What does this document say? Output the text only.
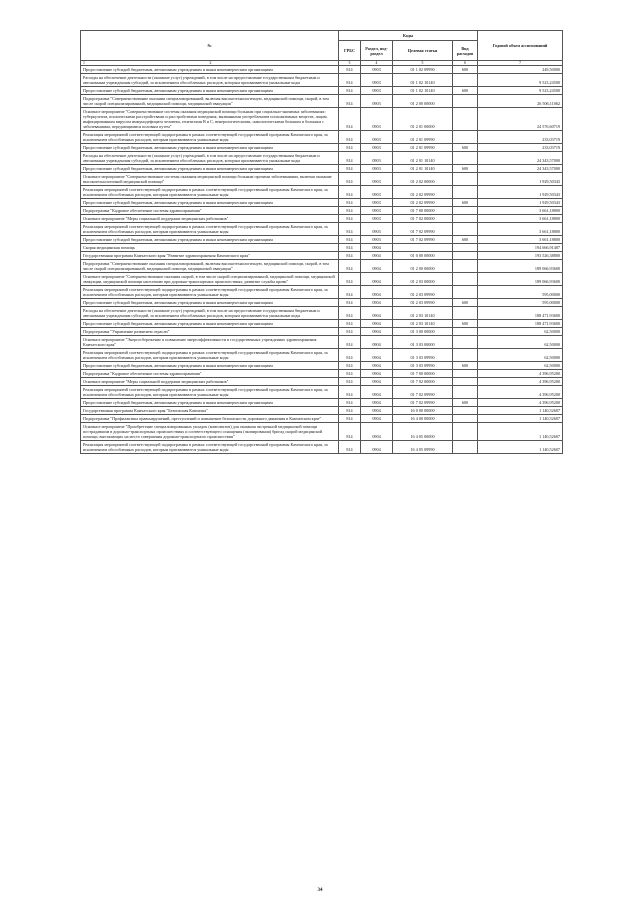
№	Коды				Годовой объем ассигнований
	ГРБС	Раздел, под-раздел	Целевая статья	Вид расходов	

1 2	3	4	5	6	7
Предоставление субсидий бюджетным, автономным учреждениям и иным некоммерческим организациям	814	0903	01 1 02 09990	600	249,50000
Расходы на обеспечение деятельности (оказание услуг) учреждений, в том числе на предоставление государственным бюджетным и автономным учреждениям субсидий, за исключением обособленных расходов, которым присваиваются уникальные коды	814	0903	01 1 02 10140		9 523,24500
Предоставление субсидий бюджетным, автономным учреждениям и иным некоммерческим организациям	814	0903	01 1 02 10140	600	9 523,24500
Подпрограмма "Совершенствование оказания специализированной, включая высокотехнологичную, медицинской помощи, скорой, в том числе скорой специализированной, медицинской помощи, медицинской эвакуации"	814	0903	01 2 00 00000		26 506,11062
Основное мероприятие "Совершенствование системы оказания медицинской помощи больным при социально-значимых заболеваниях: туберкулезом, психическими расстройствами и расстройствами поведения, вызванными употреблением психоактивных веществ, лицам, инфицированным вирусом иммунодефицита человека, гепатитами В и С, венерологическими, онкологическими больным и больным с заболеваниями, передающимися половым путем"	814	0903	01 2 01 00000		24 576,60719
Реализация мероприятий соответствующей подпрограммы в рамках соответствующей государственной программы Камчатского края, за исключением обособленных расходов, которым присваиваются уникальные коды	814	0903	01 2 01 09990		233,03719
Предоставление субсидий бюджетным, автономным учреждениям и иным некоммерческим организациям	814	0903	01 2 01 09990	600	233,03719
Расходы на обеспечение деятельности (оказание услуг) учреждений, в том числе на предоставление государственным бюджетным и автономным учреждениям субсидий, за исключением обособленных расходов, которым присваиваются уникальные коды	814	0903	01 2 01 10140		24 343,57000
Предоставление субсидий бюджетным, автономным учреждениям и иным некоммерческим организациям	814	0903	01 2 01 10140	600	24 343,57000
Основное мероприятие "Совершенствование системы оказания медицинской помощи больным прочими заболеваниями, включая оказание высокотехнологичной медицинской помощи"	814	0903	01 2 02 00000		1 929,50343
Реализация мероприятий соответствующей подпрограммы в рамках соответствующей государственной программы Камчатского края, за исключением обособленных расходов, которым присваиваются уникальные коды	814	0903	01 2 02 09990		1 929,50343
Предоставление субсидий бюджетным, автономным учреждениям и иным некоммерческим организациям	814	0903	01 2 02 09990	600	1 929,50343
Подпрограмма "Кадровое обеспечение системы здравоохранения"	814	0903	01 7 00 00000		3 661,18800
Основное мероприятие "Меры социальной поддержки медицинских работников"	814	0903	01 7 02 00000		3 661,18800
Реализация мероприятий соответствующей подпрограммы в рамках соответствующей государственной программы Камчатского края, за исключением обособленных расходов, которым присваиваются уникальные коды	814	0903	01 7 02 09990		3 661,18800
Предоставление субсидий бюджетным, автономным учреждениям и иным некоммерческим организациям	814	0903	01 7 02 09990	600	3 661,18800
Скорая медицинская помощь	814	0904			194 666,91407
Государственная программа Камчатского края "Развитие здравоохранения Камчатского края"	814	0904	01 0 00 00000		193 526,38800
Подпрограмма "Совершенствование оказания специализированной, включая высокотехнологичную, медицинской помощи, скорой, в том числе скорой специализированной, медицинской помощи, медицинской эвакуации"	814	0904	01 2 00 00000		189 066,93600
Основное мероприятие "Совершенствование оказания скорой, в том числе скорой специализированной, медицинской помощи, медицинской эвакуации, медицинской помощи населению при дорожно-транспортных происшествиях, развитие службы крови"	814	0904	01 2 03 00000		189 066,93600
Реализация мероприятий соответствующей подпрограммы в рамках соответствующей государственной программы Камчатского края, за исключением обособленных расходов, которым присваиваются уникальные коды	814	0904	01 2 03 09990		595,00000
Предоставление субсидий бюджетным, автономным учреждениям и иным некоммерческим организациям	814	0904	01 2 03 09990	600	595,00000
Расходы на обеспечение деятельности (оказание услуг) учреждений, в том числе на предоставление государственным бюджетным и автономным учреждениям субсидий, за исключением обособленных расходов, которым присваиваются уникальные коды	814	0904	01 2 03 10140		188 471,93600
Предоставление субсидий бюджетным, автономным учреждениям и иным некоммерческим организациям	814	0904	01 2 03 10140	600	188 471,93600
Подпрограмма "Управление развитием отрасли"	814	0904	01 3 00 00000		62,50000
Основное мероприятие "Энергосбережение и повышение энергоэффективности в государственных учреждениях здравоохранения Камчатского края"	814	0904	01 3 03 00000		62,50000
Реализация мероприятий соответствующей подпрограммы в рамках соответствующей государственной программы Камчатского края, за исключением обособленных расходов, которым присваиваются уникальные коды	814	0904	01 3 03 09990		62,50000
Предоставление субсидий бюджетным, автономным учреждениям и иным некоммерческим организациям	814	0904	01 3 03 09990	600	62,50000
Подпрограмма "Кадровое обеспечение системы здравоохранения"	814	0904	01 7 00 00000		4 396,95200
Основное мероприятие "Меры социальной поддержки медицинских работников"	814	0904	01 7 02 00000		4 396,95200
Реализация мероприятий соответствующей подпрограммы в рамках соответствующей государственной программы Камчатского края, за исключением обособленных расходов, которым присваиваются уникальные коды	814	0904	01 7 02 09990		4 396,95200
Предоставление субсидий бюджетным, автономным учреждениям и иным некоммерческим организациям	814	0904	01 7 02 09990	600	4 396,95200
Государственная программа Камчатского края "Безопасная Камчатка"	814	0904	16 0 00 00000		1 140,52607
Подпрограмма "Профилактика правонарушений, преступлений и повышение безопасности дорожного движения в Камчатском крае"	814	0904	16 4 00 00000		1 140,52607
Основное мероприятие "Приобретение специализированных укладок (комплектов) для оказания экстренной медицинской помощи пострадавшим в дорожно-транспортных происшествиях и соответствующего оснащения (экипирования) бригад скорой медицинской помощи, выезжающих на место совершения дорожно-транспортного происшествия"	814	0904	16 4 05 00000		1 140,52607
Реализация мероприятий соответствующей подпрограммы в рамках соответствующей государственной программы Камчатского края, за исключением обособленных расходов, которым присваиваются уникальные коды	814	0904	16 4 05 09990		1 140,52607
34
